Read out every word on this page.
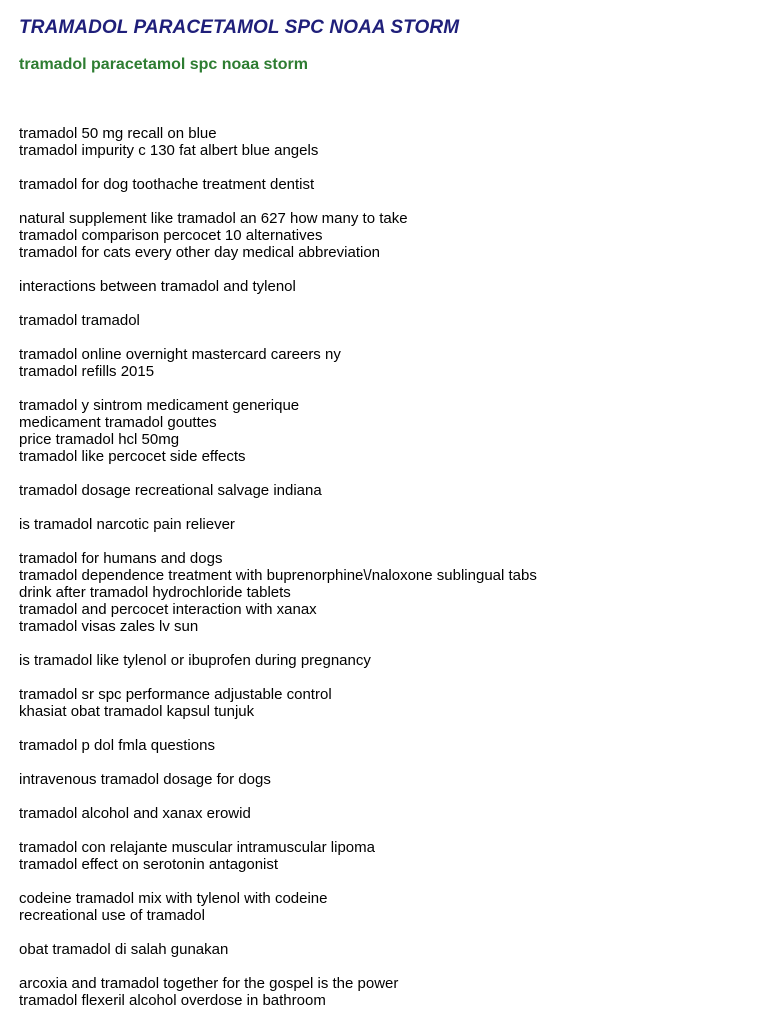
TRAMADOL PARACETAMOL SPC NOAA STORM
tramadol paracetamol spc noaa storm
tramadol 50 mg recall on blue
tramadol impurity c 130 fat albert blue angels
tramadol for dog toothache treatment dentist
natural supplement like tramadol an 627 how many to take
tramadol comparison percocet 10 alternatives
tramadol for cats every other day medical abbreviation
interactions between tramadol and tylenol
tramadol tramadol
tramadol online overnight mastercard careers ny
tramadol refills 2015
tramadol y sintrom medicament generique
medicament tramadol gouttes
price tramadol hcl 50mg
tramadol like percocet side effects
tramadol dosage recreational salvage indiana
is tramadol narcotic pain reliever
tramadol for humans and dogs
tramadol dependence treatment with buprenorphine\/naloxone sublingual tabs
drink after tramadol hydrochloride tablets
tramadol and percocet interaction with xanax
tramadol visas zales lv sun
is tramadol like tylenol or ibuprofen during pregnancy
tramadol sr spc performance adjustable control
khasiat obat tramadol kapsul tunjuk
tramadol p dol fmla questions
intravenous tramadol dosage for dogs
tramadol alcohol and xanax erowid
tramadol con relajante muscular intramuscular lipoma
tramadol effect on serotonin antagonist
codeine tramadol mix with tylenol with codeine
recreational use of tramadol
obat tramadol di salah gunakan
arcoxia and tramadol together for the gospel is the power
tramadol flexeril alcohol overdose in bathroom
